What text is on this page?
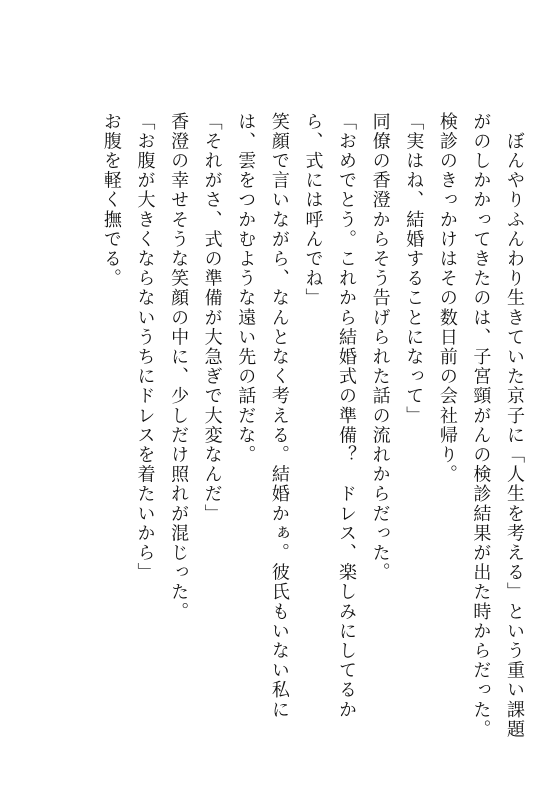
　ぼんやりふんわり生きていた京子に「人生を考える」という重い課題

がのしかかってきたのは、子宮頸がんの検診結果が出た時からだった。

検診のきっかけはその数日前の会社帰り。

「実はね、結婚することになって」

同僚の香澄からそう告げられた話の流れからだった。

「おめでとう。これから結婚式の準備？　ドレス、楽しみにしてるか

ら、式には呼んでね」

笑顔で言いながら、なんとなく考える。結婚かぁ。彼氏もいない私に

は、雲をつかむような遠い先の話だな。

「それがさ、式の準備が大急ぎで大変なんだ」

香澄の幸せそうな笑顔の中に、少しだけ照れが混じった。

「お腹が大きくならないうちにドレスを着たいから」

お腹を軽く撫でる。
